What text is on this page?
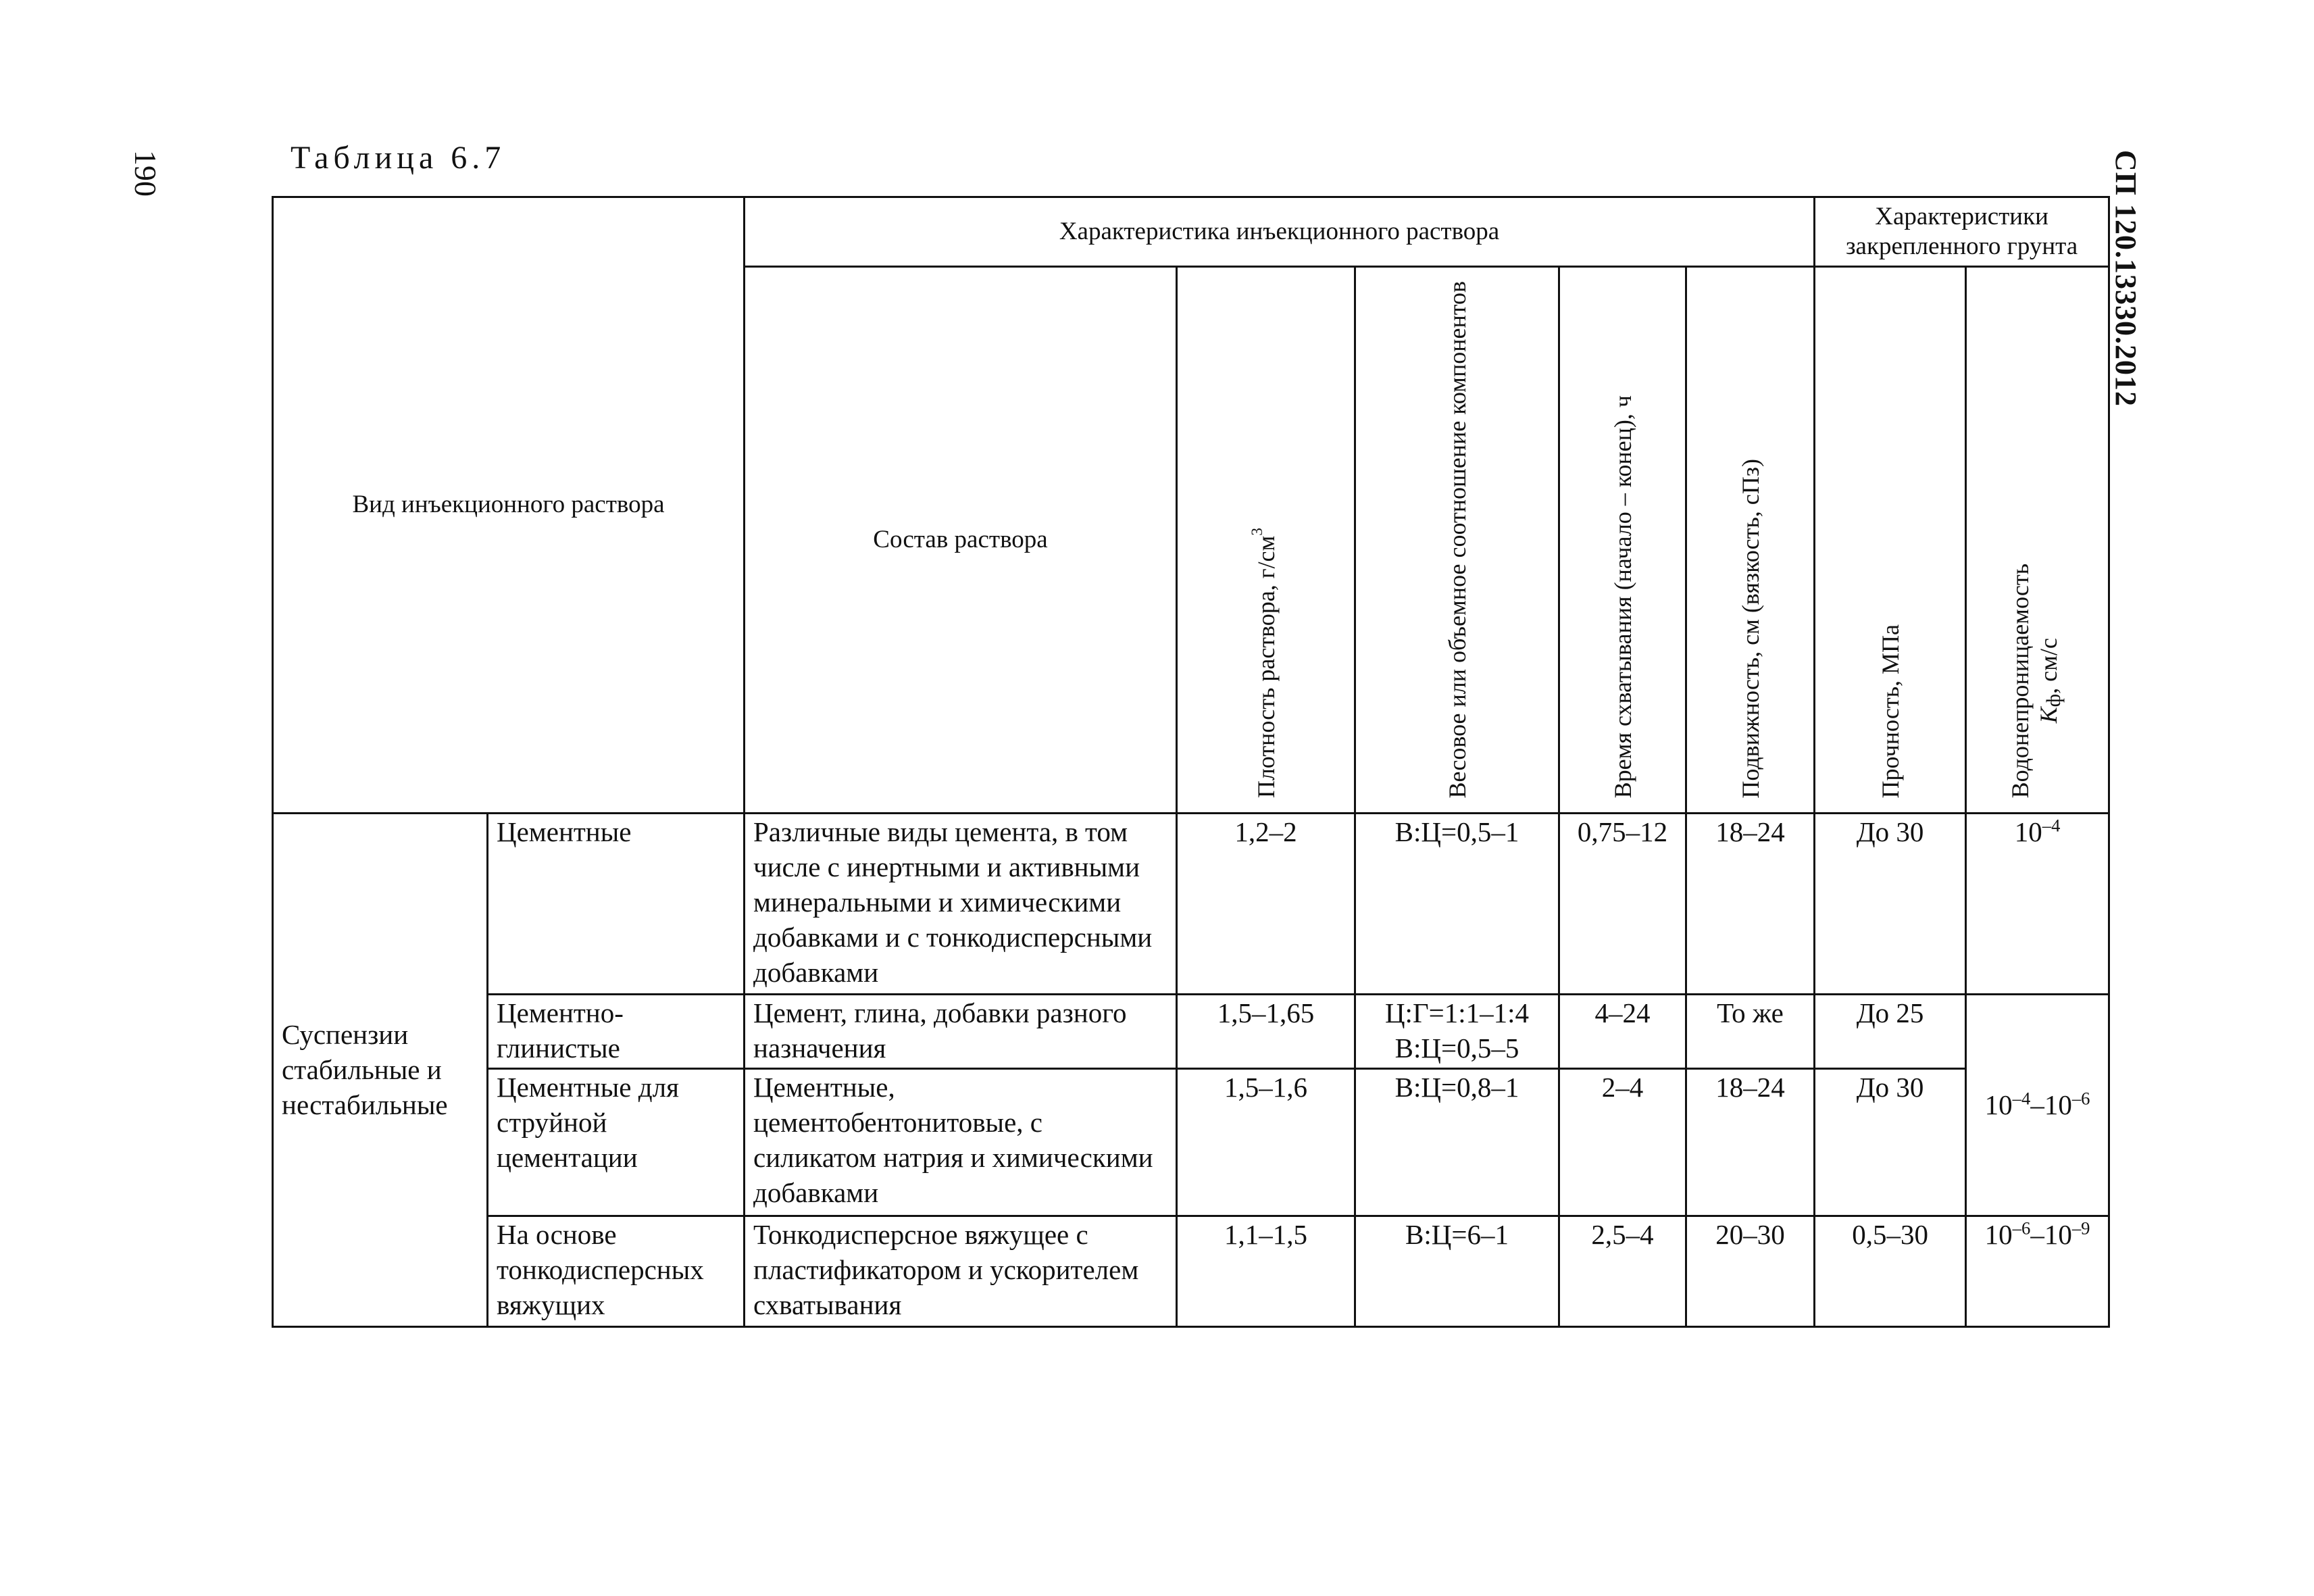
190	СП 120.13330.2012
Таблица 6.7
Вид инъекционного раствора		Характеристика инъекционного раствора					Характеристики закрепленного грунта	
		Состав раствора	Плотность раствора, $г/см^3$	Весовое или объемное соотношение компонентов	Время схватывания (начало – конец), ч	Подвижность, см (вязкость, сПз)	Прочность, МПа	Водонепроницаемость
$K_ф$, см/с

Суспензии стабильные и нестабильные	Цементные	Различные виды цемента, в том числе с инертными и активными минеральными и химическими добавками и с тонкодисперсными добавками	1,2–2	В:Ц=0,5–1	0,75–12	18–24	До 30	$10^{-4}$
	Цементно-глинистые	Цемент, глина, добавки разного назначения	1,5–1,65	Ц:Г=1:1–1:4
В:Ц=0,5–5	4–24	То же	До 25	$10^{-4}-10^{-6}$
	Цементные для струйной цементации	Цементные, цементобентонитовые, с силикатом натрия и химическими добавками	1,5–1,6	В:Ц=0,8–1	2–4	18–24	До 30	
	На основе тонкодисперсных вяжущих	Тонкодисперсное вяжущее с пластификатором и ускорителем схватывания	1,1–1,5	В:Ц=6–1	2,5–4	20–30	0,5–30	$10^{-6}-10^{-9}$
